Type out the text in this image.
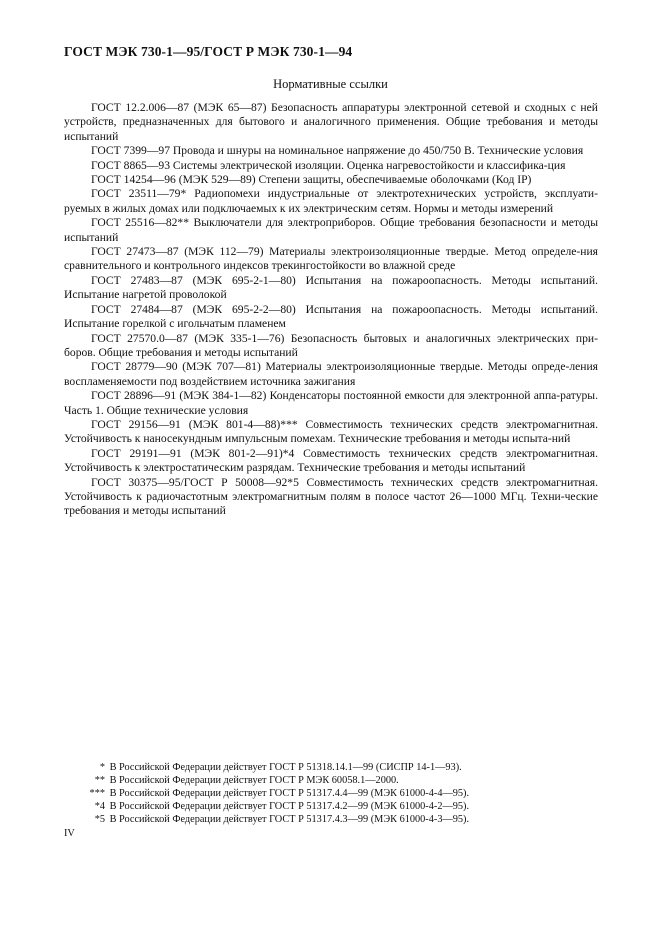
ГОСТ МЭК 730-1—95/ГОСТ Р МЭК 730-1—94
Нормативные ссылки

ГОСТ 12.2.006—87 (МЭК 65—87) Безопасность аппаратуры электронной сетевой и сходных с ней устройств, предназначенных для бытового и аналогичного применения. Общие требования и методы испытаний

ГОСТ 7399—97 Провода и шнуры на номинальное напряжение до 450/750 В. Технические условия

ГОСТ 8865—93 Системы электрической изоляции. Оценка нагревостойкости и классифика-ция

ГОСТ 14254—96 (МЭК 529—89) Степени защиты, обеспечиваемые оболочками (Код IP)

ГОСТ 23511—79* Радиопомехи индустриальные от электротехнических устройств, эксплуати-руемых в жилых домах или подключаемых к их электрическим сетям. Нормы и методы измерений

ГОСТ 25516—82** Выключатели для электроприборов. Общие требования безопасности и методы испытаний

ГОСТ 27473—87 (МЭК 112—79) Материалы электроизоляционные твердые. Метод определе-ния сравнительного и контрольного индексов трекингостойкости во влажной среде

ГОСТ 27483—87 (МЭК 695-2-1—80) Испытания на пожароопасность. Методы испытаний. Испытание нагретой проволокой

ГОСТ 27484—87 (МЭК 695-2-2—80) Испытания на пожароопасность. Методы испытаний. Испытание горелкой с игольчатым пламенем

ГОСТ 27570.0—87 (МЭК 335-1—76) Безопасность бытовых и аналогичных электрических при-боров. Общие требования и методы испытаний

ГОСТ 28779—90 (МЭК 707—81) Материалы электроизоляционные твердые. Методы опреде-ления воспламеняемости под воздействием источника зажигания

ГОСТ 28896—91 (МЭК 384-1—82) Конденсаторы постоянной емкости для электронной аппа-ратуры. Часть 1. Общие технические условия

ГОСТ 29156—91 (МЭК 801-4—88)*** Совместимость технических средств электромагнитная. Устойчивость к наносекундным импульсным помехам. Технические требования и методы испыта-ний

ГОСТ 29191—91 (МЭК 801-2—91)*4 Совместимость технических средств электромагнитная. Устойчивость к электростатическим разрядам. Технические требования и методы испытаний

ГОСТ 30375—95/ГОСТ Р 50008—92*5 Совместимость технических средств электромагнитная. Устойчивость к радиочастотным электромагнитным полям в полосе частот 26—1000 МГц. Техни-ческие требования и методы испытаний

* В Российской Федерации действует ГОСТ Р 51318.14.1—99 (СИСПР 14-1—93).
** В Российской Федерации действует ГОСТ Р МЭК 60058.1—2000.
*** В Российской Федерации действует ГОСТ Р 51317.4.4—99 (МЭК 61000-4-4—95).
*4 В Российской Федерации действует ГОСТ Р 51317.4.2—99 (МЭК 61000-4-2—95).
*5 В Российской Федерации действует ГОСТ Р 51317.4.3—99 (МЭК 61000-4-3—95).
IV
